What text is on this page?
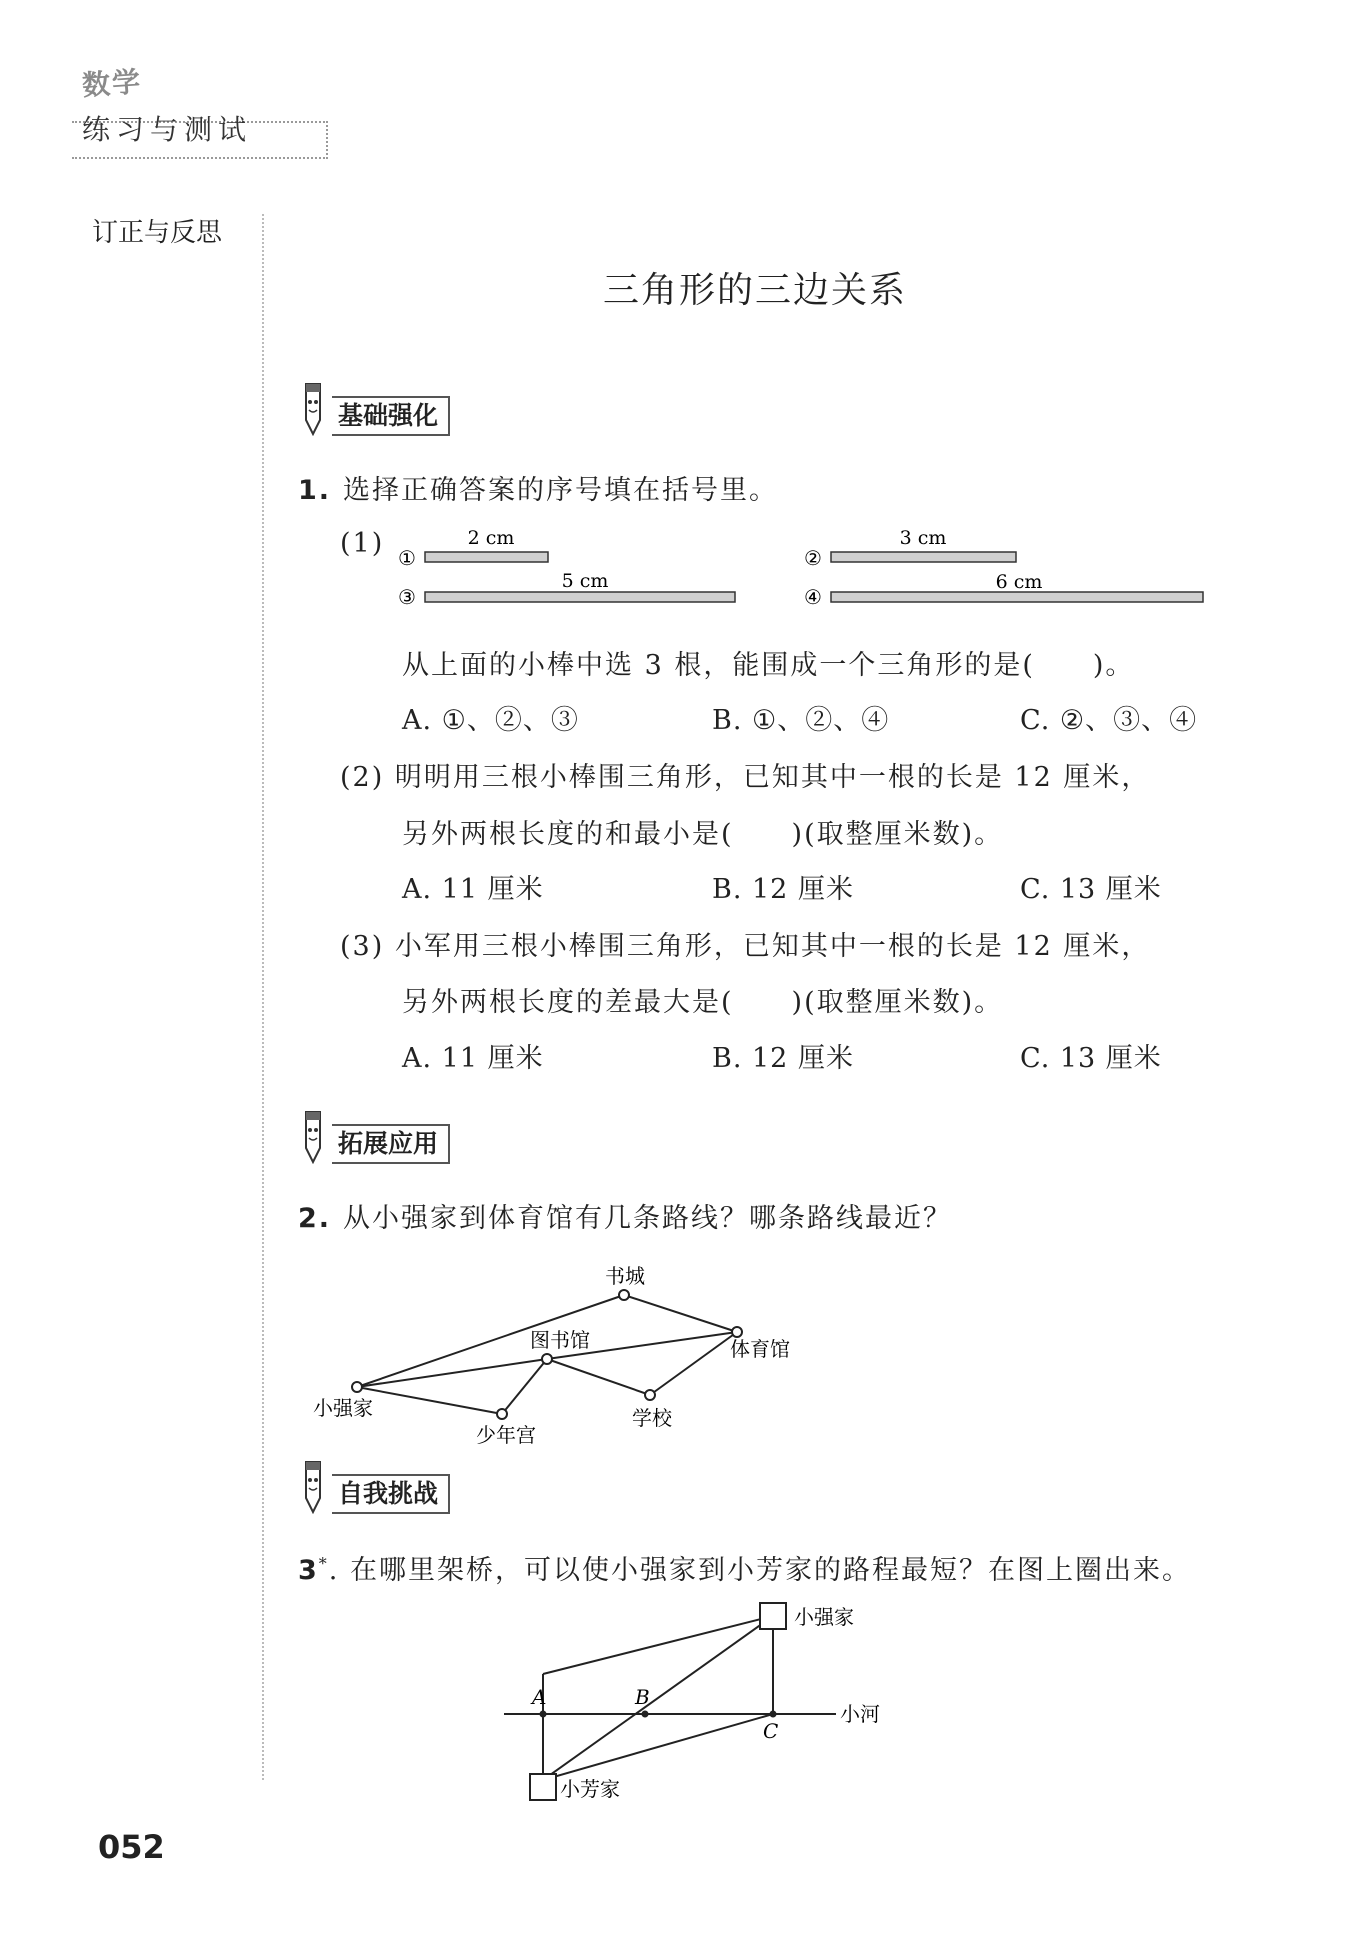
数学
练习与测试
订正与反思
三角形的三边关系
基础强化
1. 选择正确答案的序号填在括号里。
(1) ①
2 cm
②
3 cm
③
5 cm
④
6 cm
从上面的小棒中选 3 根，能围成一个三角形的是(　　)。
A. ①、②、③	B. ①、②、④	C. ②、③、④
(2) 明明用三根小棒围三角形，已知其中一根的长是 12 厘米，
另外两根长度的和最小是(　　)(取整厘米数)。
A. 11 厘米	B. 12 厘米	C. 13 厘米
(3) 小军用三根小棒围三角形，已知其中一根的长是 12 厘米，
另外两根长度的差最大是(　　)(取整厘米数)。
A. 11 厘米	B. 12 厘米	C. 13 厘米
拓展应用
2. 从小强家到体育馆有几条路线？哪条路线最近？
书城
图书馆	体育馆
小强家
少年宫
学校
自我挑战
3*. 在哪里架桥，可以使小强家到小芳家的路程最短？在图上圈出来。
小强家
小河
小芳家
A	B
C
052
